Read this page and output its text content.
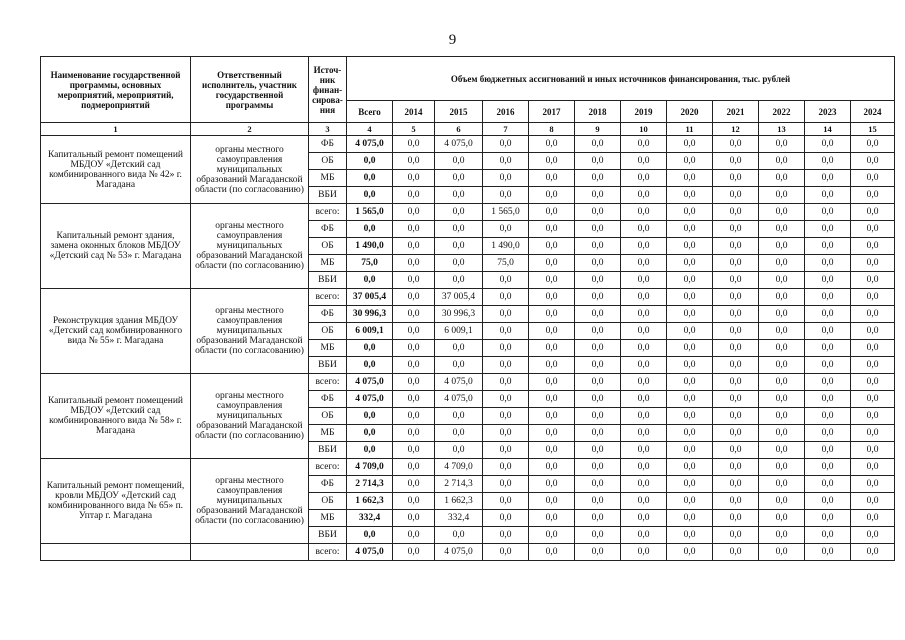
9
Наименование государственной программы, основных мероприятий, мероприятий, подмероприятий	Ответственный исполнитель, участник государственной программы	Источ-ник финан-сирова-ния	Объем бюджетных ассигнований и иных источников финансирования, тыс. рублей											
			Всего	2014	2015	2016	2017	2018	2019	2020	2021	2022	2023	2024
1	2	3	4	5	6	7	8	9	10	11	12	13	14	15
Капитальный ремонт помещений МБДОУ «Детский сад комбинированного вида № 42» г. Магадана	органы местного самоуправления муниципальных образований Магаданской области (по согласованию)	ФБ	4 075,0	0,0	4 075,0	0,0	0,0	0,0	0,0	0,0	0,0	0,0	0,0	0,0
		ОБ	0,0	0,0	0,0	0,0	0,0	0,0	0,0	0,0	0,0	0,0	0,0	0,0
		МБ	0,0	0,0	0,0	0,0	0,0	0,0	0,0	0,0	0,0	0,0	0,0	0,0
		ВБИ	0,0	0,0	0,0	0,0	0,0	0,0	0,0	0,0	0,0	0,0	0,0	0,0
Капитальный ремонт здания, замена оконных блоков МБДОУ «Детский сад № 53» г. Магадана	органы местного самоуправления муниципальных образований Магаданской области (по согласованию)	всего:	1 565,0	0,0	0,0	1 565,0	0,0	0,0	0,0	0,0	0,0	0,0	0,0	0,0
		ФБ	0,0	0,0	0,0	0,0	0,0	0,0	0,0	0,0	0,0	0,0	0,0	0,0
		ОБ	1 490,0	0,0	0,0	1 490,0	0,0	0,0	0,0	0,0	0,0	0,0	0,0	0,0
		МБ	75,0	0,0	0,0	75,0	0,0	0,0	0,0	0,0	0,0	0,0	0,0	0,0
		ВБИ	0,0	0,0	0,0	0,0	0,0	0,0	0,0	0,0	0,0	0,0	0,0	0,0
Реконструкция здания МБДОУ «Детский сад комбинированного вида № 55» г. Магадана	органы местного самоуправления муниципальных образований Магаданской области (по согласованию)	всего:	37 005,4	0,0	37 005,4	0,0	0,0	0,0	0,0	0,0	0,0	0,0	0,0	0,0
		ФБ	30 996,3	0,0	30 996,3	0,0	0,0	0,0	0,0	0,0	0,0	0,0	0,0	0,0
		ОБ	6 009,1	0,0	6 009,1	0,0	0,0	0,0	0,0	0,0	0,0	0,0	0,0	0,0
		МБ	0,0	0,0	0,0	0,0	0,0	0,0	0,0	0,0	0,0	0,0	0,0	0,0
		ВБИ	0,0	0,0	0,0	0,0	0,0	0,0	0,0	0,0	0,0	0,0	0,0	0,0
Капитальный ремонт помещений МБДОУ «Детский сад комбинированного вида № 58» г. Магадана	органы местного самоуправления муниципальных образований Магаданской области (по согласованию)	всего:	4 075,0	0,0	4 075,0	0,0	0,0	0,0	0,0	0,0	0,0	0,0	0,0	0,0
		ФБ	4 075,0	0,0	4 075,0	0,0	0,0	0,0	0,0	0,0	0,0	0,0	0,0	0,0
		ОБ	0,0	0,0	0,0	0,0	0,0	0,0	0,0	0,0	0,0	0,0	0,0	0,0
		МБ	0,0	0,0	0,0	0,0	0,0	0,0	0,0	0,0	0,0	0,0	0,0	0,0
		ВБИ	0,0	0,0	0,0	0,0	0,0	0,0	0,0	0,0	0,0	0,0	0,0	0,0
Капитальный ремонт помещений, кровли МБДОУ «Детский сад комбинированного вида № 65» п. Уптар г. Магадана	органы местного самоуправления муниципальных образований Магаданской области (по согласованию)	всего:	4 709,0	0,0	4 709,0	0,0	0,0	0,0	0,0	0,0	0,0	0,0	0,0	0,0
		ФБ	2 714,3	0,0	2 714,3	0,0	0,0	0,0	0,0	0,0	0,0	0,0	0,0	0,0
		ОБ	1 662,3	0,0	1 662,3	0,0	0,0	0,0	0,0	0,0	0,0	0,0	0,0	0,0
		МБ	332,4	0,0	332,4	0,0	0,0	0,0	0,0	0,0	0,0	0,0	0,0	0,0
		ВБИ	0,0	0,0	0,0	0,0	0,0	0,0	0,0	0,0	0,0	0,0	0,0	0,0
		всего:	4 075,0	0,0	4 075,0	0,0	0,0	0,0	0,0	0,0	0,0	0,0	0,0	0,0
